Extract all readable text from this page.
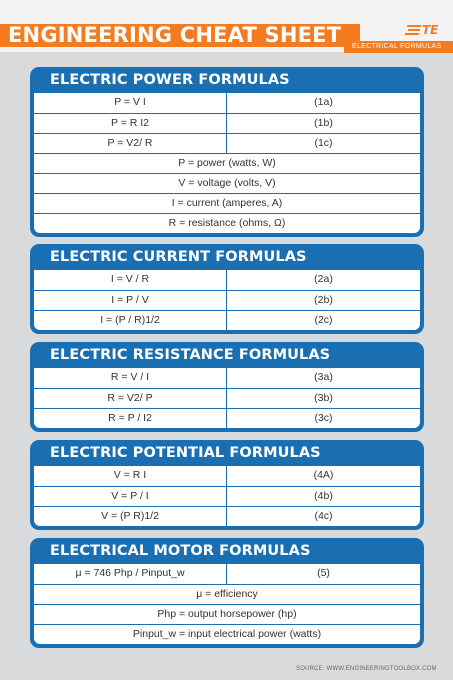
ENGINEERING CHEAT SHEET ELECTRICAL FORMULAS
TE
ELECTRIC POWER FORMULAS
P = V I	(1a)
P = R I2	(1b)
P = V2/ R	(1c)
P = power (watts, W)
V = voltage (volts, V)
I = current (amperes, A)
R = resistance (ohms, Ω)
ELECTRIC CURRENT FORMULAS
I = V / R	(2a)
I = P / V	(2b)
I = (P / R)1/2	(2c)
ELECTRIC RESISTANCE FORMULAS
R = V / I	(3a)
R = V2/ P	(3b)
R = P / I2	(3c)
ELECTRIC POTENTIAL FORMULAS
V = R I	(4A)
V = P / I	(4b)
V = (P R)1/2	(4c)
ELECTRICAL MOTOR FORMULAS
μ = 746 Php / Pinput_w	(5)
μ = efficiency
Php = output horsepower (hp)
Pinput_w = input electrical power (watts)
SOURCE: WWW.ENGINEERINGTOOLBOX.COM
